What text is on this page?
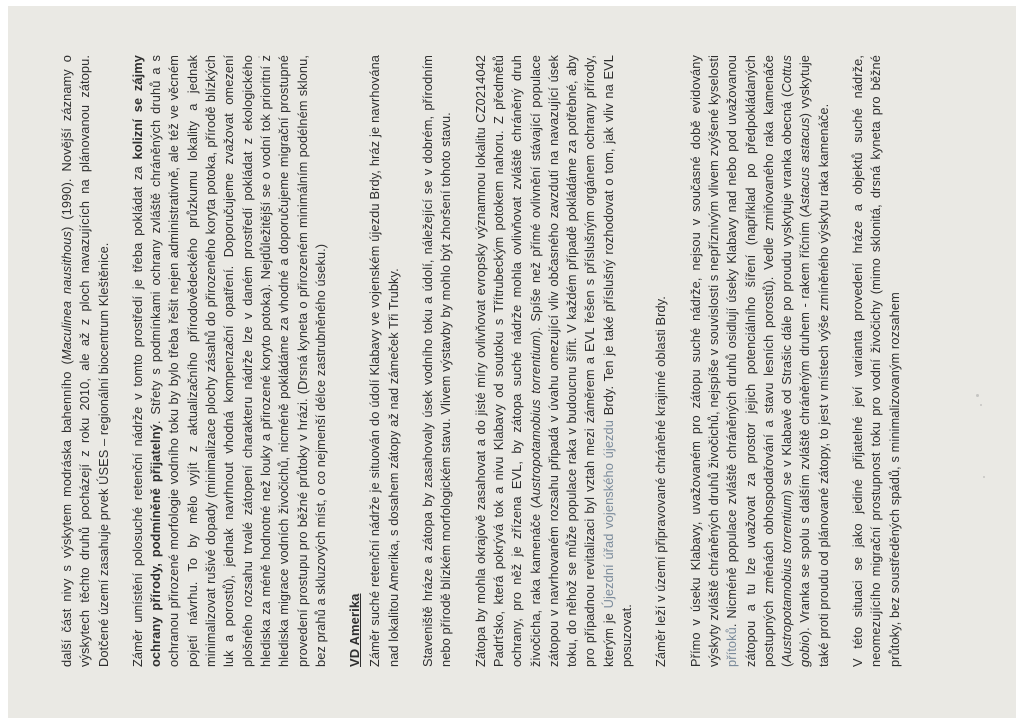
další část nivy s výskytem modráska bahenního (Maculinea nausithous) (1990). Novější záznamy o výskytech těchto druhů pocházejí z roku 2010, ale až z ploch navazujících na plánovanou zátopu. Dotčené území zasahuje prvek ÚSES – regionální biocentrum Kleštěnice. Záměr umístění polosuché retenční nádrže v tomto prostředí je třeba pokládat za kolizní se zájmy ochrany přírody, podmíněně přijatelný. Střety s podmínkami ochrany zvláště chráněných druhů a s ochranou přirozené morfologie vodního toku by bylo třeba řešit nejen administrativně, ale též ve věcném pojetí návrhu. To by mělo vyjít z aktualizačního přírodovědeckého průzkumu lokality a jednak minimalizovat rušivé dopady (minimalizace plochy zásahů do přirozeného koryta potoka, přírodě blízkých luk a porostů), jednak navrhnout vhodná kompenzační opatření. Doporučujeme zvažovat omezení plošného rozsahu trvalé zátopení charakteru nádrže lze v daném prostředí pokládat z ekologického hlediska za méně hodnotné než louky a přirozené koryto potoka). Nejdůležitější se o vodní tok prioritní z hlediska migrace vodních živočichů, nicméně pokládáme za vhodné a doporučujeme migrační prostupné provedení prostupu pro běžné průtoky v hrázi. (Drsná kyneta o přirozeném minimálním podélném sklonu, bez prahů a skluzových míst, o co nejmenší délce zastrubněného úseku.) VD Amerika Záměr suché retenční nádrže je situován do údolí Klabavy ve vojenském újezdu Brdy, hráz je navrhována nad lokalitou Amerika, s dosahem zátopy až nad zámeček Tři Trubky. Staveniště hráze a zátopa by zasahovaly úsek vodního toku a údolí, náležející se v dobrém, přírodním nebo přírodě blízkém morfologickém stavu. Vlivem výstavby by mohlo být zhoršení tohoto stavu. Zátopa by mohla okrajově zasahovat a do jisté míry ovlivňovat evropsky významnou lokalitu CZ0214042 Padrťsko, která pokrývá tok a nivu Klabavy od soutoku s Třítrubeckým potokem nahoru. Z předmětů ochrany, pro něž je zřízena EVL, by zátopa suché nádrže mohla ovlivňovat zvláště chráněný druh živočicha, raka kamenáče (Austropotamobius torrentium). Spíše než přímé ovlivnění stávající populace zátopou v navrhovaném rozsahu připadá v úvahu omezující vliv občasného zavzdutí na navazující úsek toku, do něhož se může populace raka v budoucnu šířit. V každém případě pokládáme za potřebné, aby pro případnou revitalizaci byl vztah mezi záměrem a EVL řešen s příslušným orgánem ochrany přírody, kterým je Újezdní úřad vojenského újezdu Brdy. Ten je také příslušný rozhodovat o tom, jak vliv na EVL posuzovat. Záměr leží v území připravované chráněné krajinné oblasti Brdy. Přímo v úseku Klabavy, uvažovaném pro zátopu suché nádrže, nejsou v současné době evidovány výskyty zvláště chráněných druhů živočichů, nejspíše v souvislosti s nepříznivým vlivem zvýšené kyselosti přítoků. Nicméně populace zvláště chráněných druhů osidlují úseky Klabavy nad nebo pod uvažovanou zátopou a tu lze uvažovat za prostor jejich potenciálního šíření (například po předpokládaných postupných změnách obhospodařování a stavu lesních porostů). Vedle zmiňovaného raka kamenáče (Austropotamobius torrentium) se v Klabavě od Strašic dále po proudu vyskytuje vranka obecná (Cottus gobio). Vranka se spolu s dalším zvláště chráněným druhem - rakem říčním (Astacus astacus) vyskytuje také proti proudu od plánované zátopy, to jest v místech výše zmíněného výskytu raka kamenáče. V této situaci se jako jediné přijatelné jeví varianta provedení hráze a objektů suché nádrže, neomezujícího migrační prostupnost toku pro vodní živočichy (mimo sklonitá, drsná kyneta pro běžné průtoky, bez soustředěných spádů, s minimalizovaným rozsahem
